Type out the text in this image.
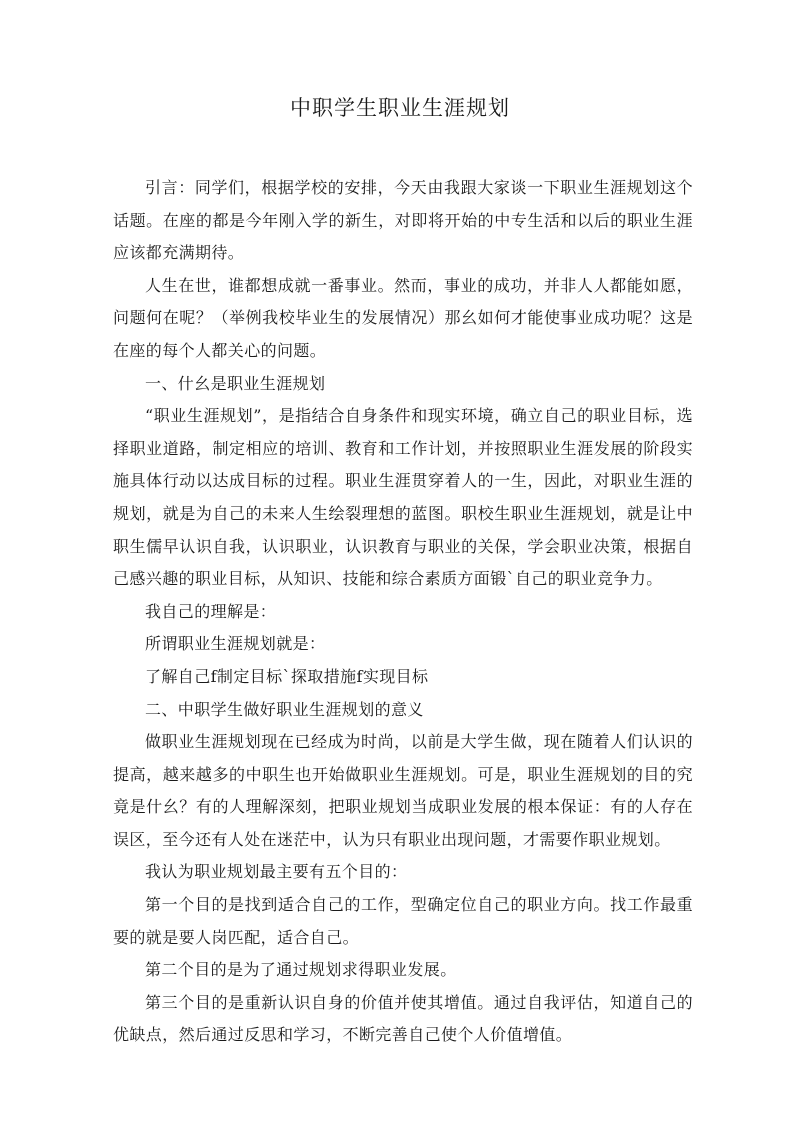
中职学生职业生涯规划

引言：同学们，根据学校的安排，今天由我跟大家谈一下职业生涯规划这个话题。在座的都是今年刚入学的新生，对即将开始的中专生活和以后的职业生涯应该都充满期待。

人生在世，谁都想成就一番事业。然而，事业的成功，并非人人都能如愿，问题何在呢？（举例我校毕业生的发展情况）那幺如何才能使事业成功呢？这是在座的每个人都关心的问题。

一、什幺是职业生涯规划

“职业生涯规划”，是指结合自身条件和现实环境，确立自己的职业目标，选择职业道路，制定相应的培训、教育和工作计划，并按照职业生涯发展的阶段实施具体行动以达成目标的过程。职业生涯贯穿着人的一生，因此，对职业生涯的规划，就是为自己的未来人生绘裂理想的蓝图。职校生职业生涯规划，就是让中职生儒早认识自我，认识职业，认识教育与职业的关保，学会职业决策，根据自己感兴趣的职业目标，从知识、技能和综合素质方面锻`自己的职业竞争力。

我自己的理解是：

所谓职业生涯规划就是：

了解自己f制定目标`探取措施f实现目标

二、中职学生做好职业生涯规划的意义

做职业生涯规划现在已经成为时尚，以前是大学生做，现在随着人们认识的提高，越来越多的中职生也开始做职业生涯规划。可是，职业生涯规划的目的究竟是什幺？有的人理解深刻，把职业规划当成职业发展的根本保证：有的人存在误区，至今还有人处在迷茫中，认为只有职业出现问题，才需要作职业规划。

我认为职业规划最主要有五个目的：

第一个目的是找到适合自己的工作，型确定位自己的职业方向。找工作最重要的就是要人岗匹配，适合自己。

第二个目的是为了通过规划求得职业发展。

第三个目的是重新认识自身的价值并使其增值。通过自我评估，知道自己的优缺点，然后通过反思和学习，不断完善自己使个人价值增值。
